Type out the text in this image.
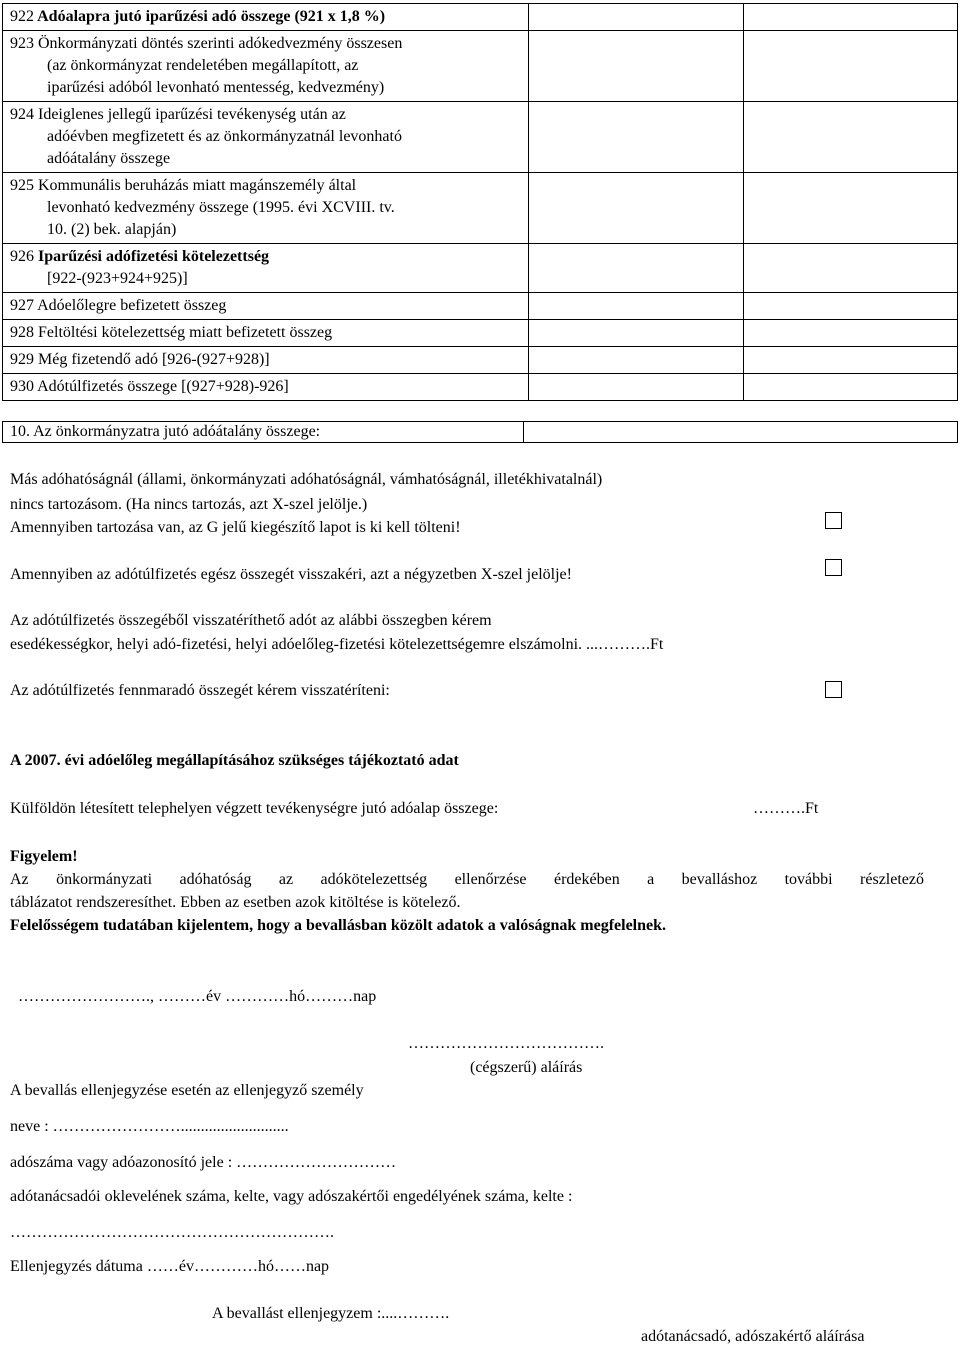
922 Adóalapra jutó iparűzési adó összege (921 x 1,8 %)		

923 Önkormányzati döntés szerinti adókedvezmény összesen
(az önkormányzat rendeletében megállapított, az
iparűzési adóból levonható mentesség, kedvezmény)		

924 Ideiglenes jellegű iparűzési tevékenység után az
adóévben megfizetett és az önkormányzatnál levonható
adóátalány összege		

925 Kommunális beruházás miatt magánszemély által
levonható kedvezmény összege (1995. évi XCVIII. tv.
10. (2) bek. alapján)		

926 Iparűzési adófizetési kötelezettség
[922-(923+924+925)]		

927 Adóelőlegre befizetett összeg		

928 Feltöltési kötelezettség miatt befizetett összeg		

929 Még fizetendő adó [926-(927+928)]		

930 Adótúlfizetés összege [(927+928)-926]		

10. Az önkormányzatra jutó adóátalány összege:
Más adóhatóságnál (állami, önkormányzati adóhatóságnál, vámhatóságnál, illetékhivatalnál)
nincs tartozásom. (Ha nincs tartozás, azt X-szel jelölje.)
Amennyiben tartozása van, az G jelű kiegészítő lapot is ki kell tölteni!
Amennyiben az adótúlfizetés egész összegét visszakéri, azt a négyzetben X-szel jelölje!
Az adótúlfizetés összegéből visszatéríthető adót az alábbi összegben kérem
esedékességkor, helyi adó-fizetési, helyi adóelőleg-fizetési kötelezettségemre elszámolni. ...……….Ft
Az adótúlfizetés fennmaradó összegét kérem visszatéríteni:
A 2007. évi adóelőleg megállapításához szükséges tájékoztató adat
Külföldön létesített telephelyen végzett tevékenységre jutó adóalap összege:	……….Ft
Figyelem!
Az önkormányzati adóhatóság az adókötelezettség ellenőrzése érdekében a bevalláshoz további részletező
táblázatot rendszeresíthet. Ebben az esetben azok kitöltése is kötelező.
Felelősségem tudatában kijelentem, hogy a bevallásban közölt adatok a valóságnak megfelelnek.
……………………., ………év …………hó………nap
……………………………….
(cégszerű) aláírás
A bevallás ellenjegyzése esetén az ellenjegyző személy
neve : ……………………...........................
adószáma vagy adóazonosító jele : …………………………
adótanácsadói oklevelének száma, kelte, vagy adószakértői engedélyének száma, kelte :
…………………………………………………….
Ellenjegyzés dátuma ……év…………hó……nap
A bevallást ellenjegyzem :....……….
adótanácsadó, adószakértő aláírása
